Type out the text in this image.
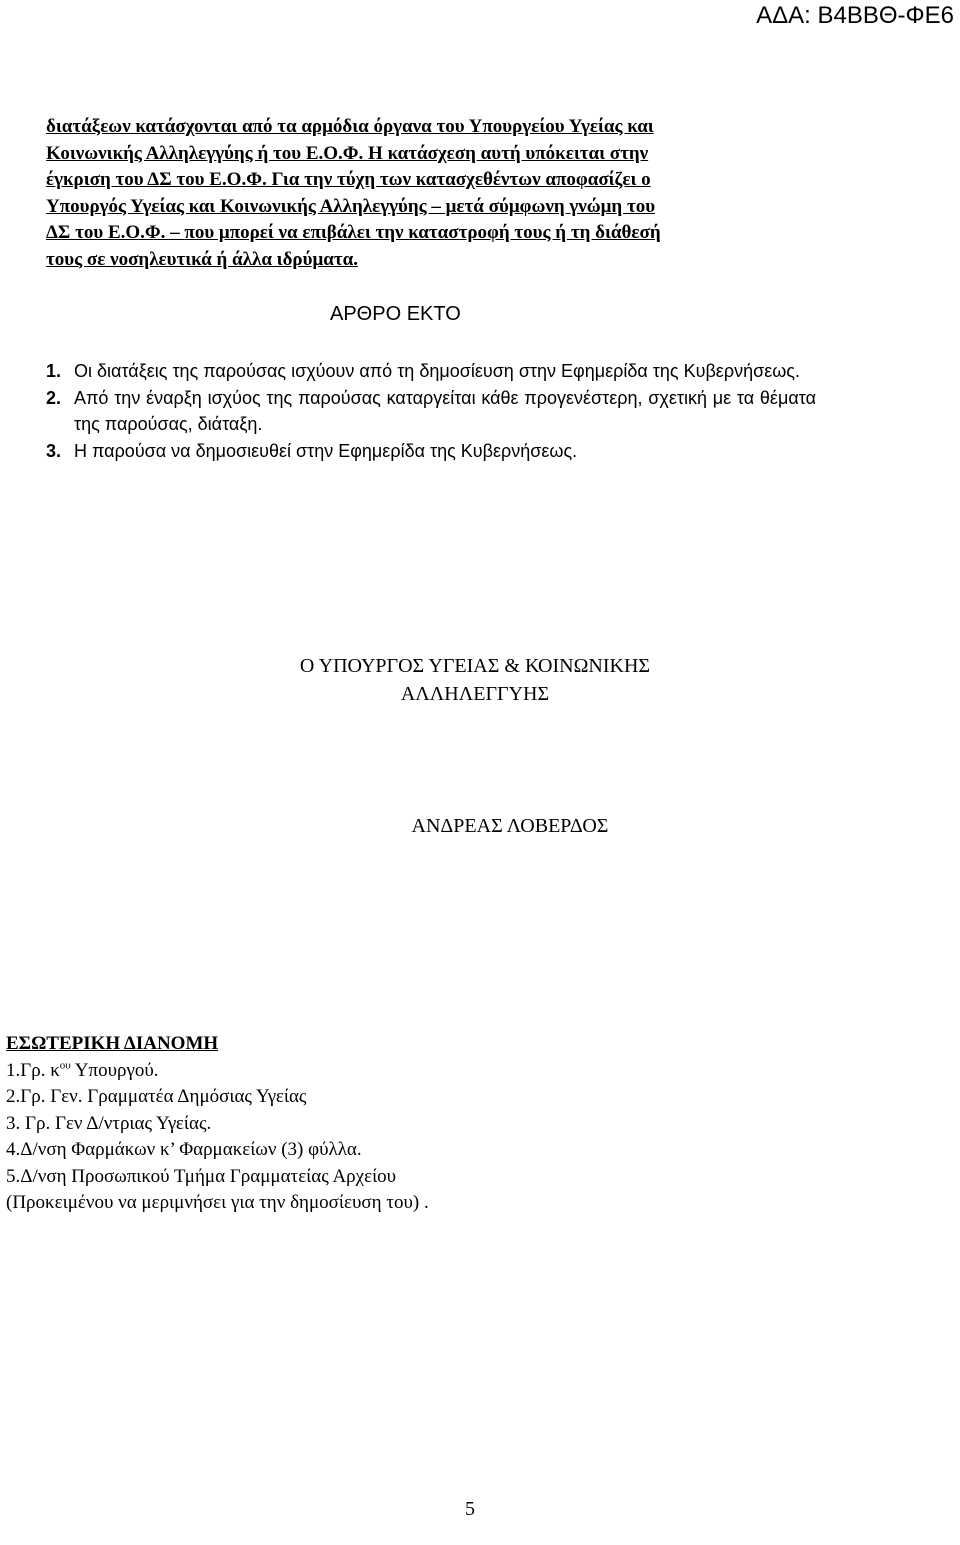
ΑΔΑ: Β4ΒΒΘ-ΦΕ6
διατάξεων κατάσχονται από τα αρμόδια όργανα του Υπουργείου Υγείας και
Κοινωνικής Αλληλεγγύης ή του Ε.Ο.Φ. Η κατάσχεση αυτή υπόκειται στην
έγκριση του ΔΣ του Ε.Ο.Φ. Για την τύχη των κατασχεθέντων αποφασίζει ο
Υπουργός Υγείας και Κοινωνικής Αλληλεγγύης – μετά σύμφωνη γνώμη του
ΔΣ του Ε.Ο.Φ. – που μπορεί να επιβάλει την καταστροφή τους ή τη διάθεσή
τους σε νοσηλευτικά ή άλλα ιδρύματα.
ΑΡΘΡΟ ΕΚΤΟ
1. Οι διατάξεις της παρούσας ισχύουν από τη δημοσίευση στην Εφημερίδα της Κυβερνήσεως.
2. Από την έναρξη ισχύος της παρούσας καταργείται κάθε προγενέστερη, σχετική με τα θέματα της παρούσας, διάταξη.
3. Η παρούσα να δημοσιευθεί στην Εφημερίδα της Κυβερνήσεως.
Ο ΥΠΟΥΡΓΟΣ ΥΓΕΙΑΣ & ΚΟΙΝΩΝΙΚΗΣ
ΑΛΛΗΛΕΓΓΥΗΣ
ΑΝΔΡΕΑΣ ΛΟΒΕΡΔΟΣ
ΕΣΩΤΕΡΙΚΗ ΔΙΑΝΟΜΗ
1.Γρ. $\kappa^{o\upsilon}$ Υπουργού.
2.Γρ. Γεν. Γραμματέα Δημόσιας Υγείας
3. Γρ. Γεν Δ/ντριας Υγείας.
4.Δ/νση Φαρμάκων κ’ Φαρμακείων (3) φύλλα.
5.Δ/νση Προσωπικού Τμήμα Γραμματείας Αρχείου
(Προκειμένου να μεριμνήσει για την δημοσίευση του) .
5
